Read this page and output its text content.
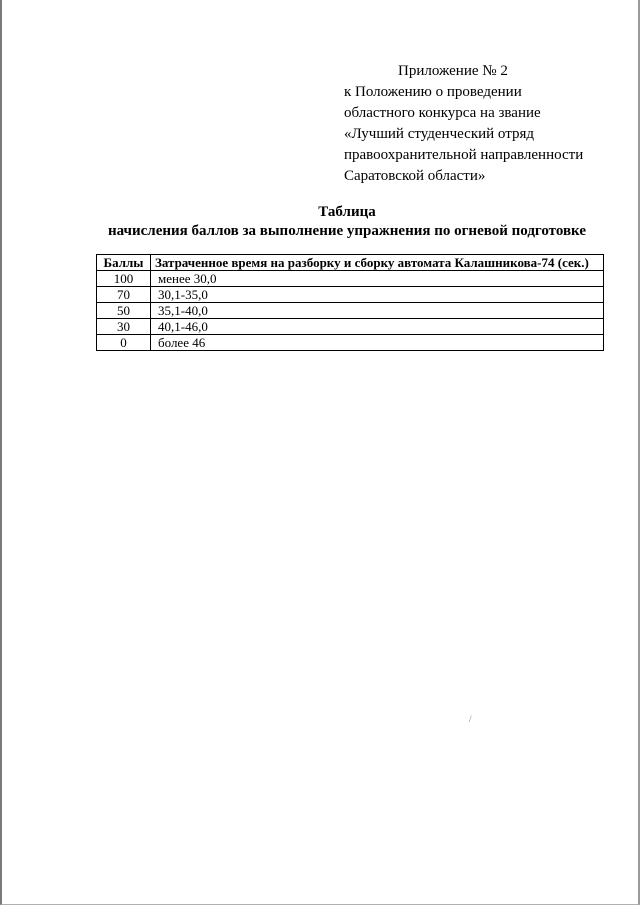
Приложение № 2
к Положению о проведении
областного конкурса на звание
«Лучший студенческий отряд
правоохранительной направленности
Саратовской области»
Таблица
начисления баллов за выполнение упражнения по огневой подготовке
Баллы	Затраченное время на разборку и сборку автомата Калашникова-74 (сек.)
100	менее 30,0
70	30,1-35,0
50	35,1-40,0
30	40,1-46,0
0	более 46
/
